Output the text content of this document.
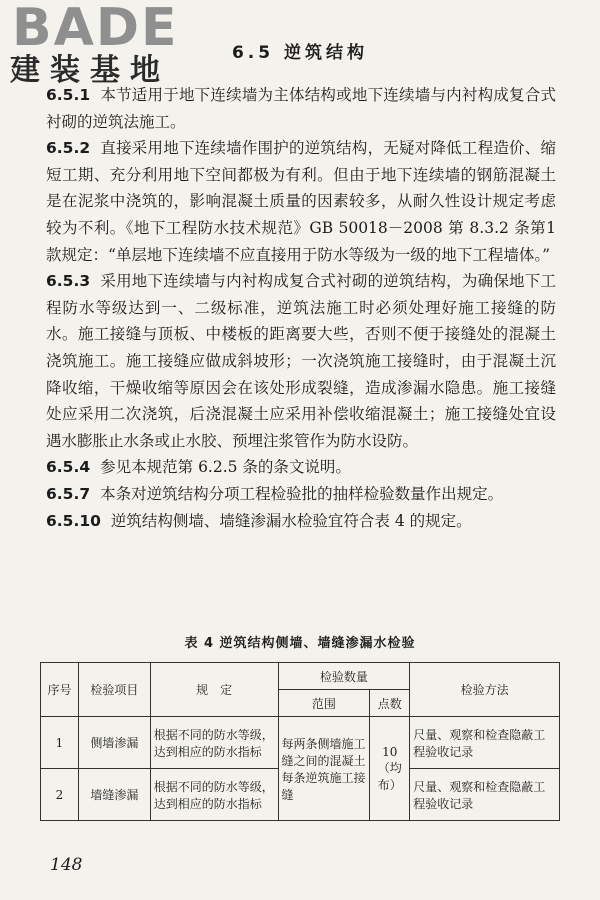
BADE
建装基地	6.5 逆筑结构

6.5.1 本节适用于地下连续墙为主体结构或地下连续墙与内衬构成复合式衬砌的逆筑法施工。

6.5.2 直接采用地下连续墙作围护的逆筑结构，无疑对降低工程造价、缩短工期、充分利用地下空间都极为有利。但由于地下连续墙的钢筋混凝土是在泥浆中浇筑的，影响混凝土质量的因素较多，从耐久性设计规定考虑较为不利。《地下工程防水技术规范》GB 50018－2008 第 8.3.2 条第1款规定：“单层地下连续墙不应直接用于防水等级为一级的地下工程墙体。”

6.5.3 采用地下连续墙与内衬构成复合式衬砌的逆筑结构，为确保地下工程防水等级达到一、二级标准，逆筑法施工时必须处理好施工接缝的防水。施工接缝与顶板、中楼板的距离要大些，否则不便于接缝处的混凝土浇筑施工。施工接缝应做成斜坡形；一次浇筑施工接缝时，由于混凝土沉降收缩，干燥收缩等原因会在该处形成裂缝，造成渗漏水隐患。施工接缝处应采用二次浇筑，后浇混凝土应采用补偿收缩混凝土；施工接缝处宜设遇水膨胀止水条或止水胶、预埋注浆管作为防水设防。

6.5.4 参见本规范第 6.2.5 条的条文说明。

6.5.7 本条对逆筑结构分项工程检验批的抽样检验数量作出规定。

6.5.10 逆筑结构侧墙、墙缝渗漏水检验宜符合表 4 的规定。

表 4 逆筑结构侧墙、墙缝渗漏水检验
序号	检验项目	规　定	检验数量		检验方法
			范围	点数	
1	侧墙渗漏	根据不同的防水等级，达到相应的防水指标	每两条侧墙施工缝之间的混凝土每条逆筑施工接缝	10（均布）	尺量、观察和检查隐蔽工程验收记录
2	墙缝渗漏	根据不同的防水等级，达到相应的防水指标			尺量、观察和检查隐蔽工程验收记录
148
